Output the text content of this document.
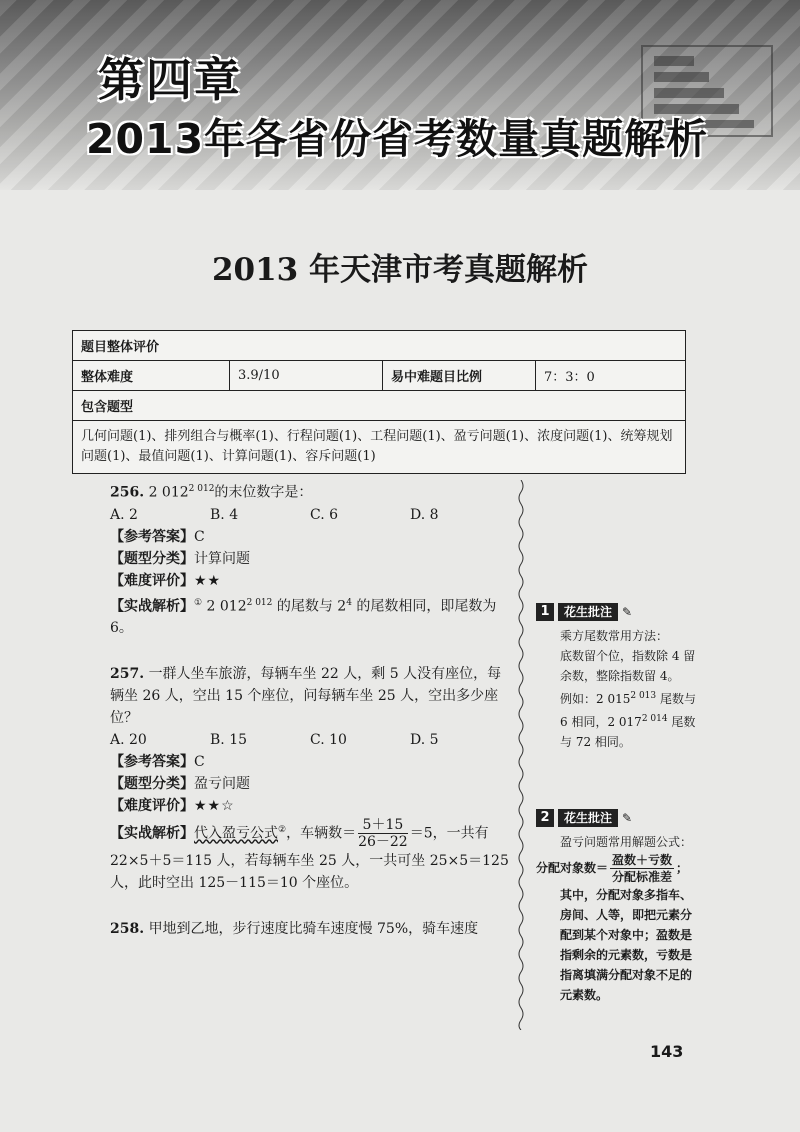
第四章
2013年各省份省考数量真题解析
2013 年天津市考真题解析
题目整体评价
整体难度	3.9/10	易中难题目比例	7：3：0
包含题型
几何问题(1)、排列组合与概率(1)、行程问题(1)、工程问题(1)、盈亏问题(1)、浓度问题(1)、统筹规划问题(1)、最值问题(1)、计算问题(1)、容斥问题(1)

256. 2 $012^{2 012}$的末位数字是：

A. 2	B. 4	C. 6	D. 8

【参考答案】C

【题型分类】计算问题

【难度评价】★★

【实战解析】① 2 $012^{2 012}$ 的尾数与 $2^4$ 的尾数相同，即尾数为 6。

257. 一群人坐车旅游，每辆车坐 22 人，剩 5 人没有座位，每辆坐 26 人，空出 15 个座位，问每辆车坐 25 人，空出多少座位？

A. 20	B. 15	C. 10	D. 5

【参考答案】C

【题型分类】盈亏问题

【难度评价】★★☆

【实战解析】代入盈亏公式②，车辆数＝ $\frac{5+15}{26-22} =5$，一共有 22×5＋5＝115 人，若每辆车坐 25 人，一共可坐 25×5＝125 人，此时空出 125－115＝10 个座位。

258. 甲地到乙地，步行速度比骑车速度慢 75%，骑车速度

1	花生批注 ✎

乘方尾数常用方法：

底数留个位，指数除 4 留余数，整除指数留 4。

例如：2 $015^{2 013}$ 尾数与 6 相同，2 $017^{2 014}$ 尾数与 72 相同。

2	花生批注 ✎

盈亏问题常用解题公式：

分配对象数＝ $\frac{\text{盈数＋亏数}}{\text{分配标准差}}$ ；

其中，分配对象多指车、房间、人等，即把元素分配到某个对象中；盈数是指剩余的元素数，亏数是指离填满分配对象不足的元素数。

143
